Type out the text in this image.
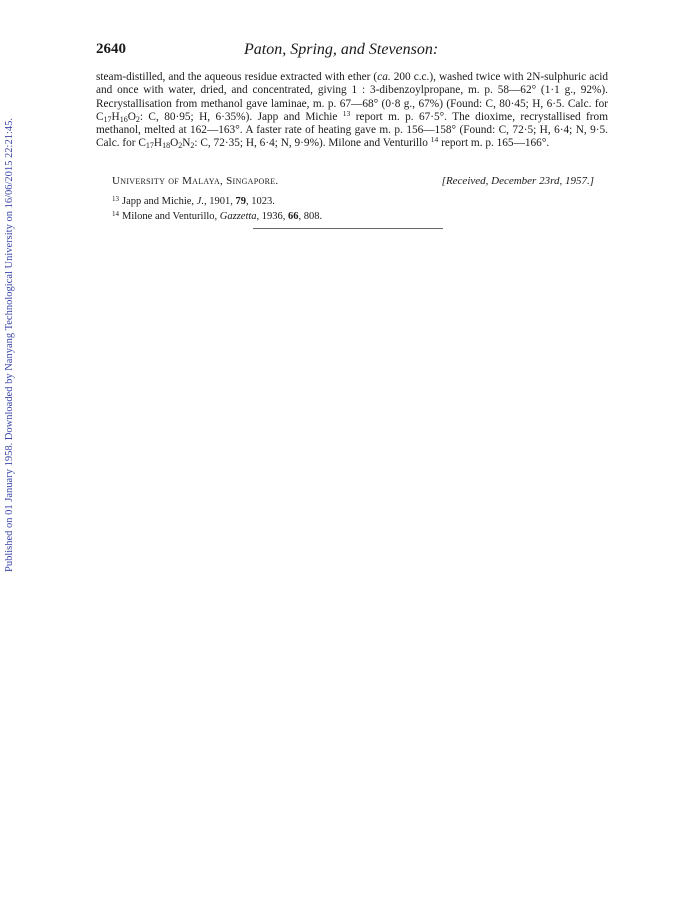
Published on 01 January 1958. Downloaded by Nanyang Technological University on 16/06/2015 22:21:45.
2640	Paton, Spring, and Stevenson:

steam-distilled, and the aqueous residue extracted with ether (ca. 200 c.c.), washed twice with 2N-sulphuric acid and once with water, dried, and concentrated, giving 1 : 3-dibenzoylpropane, m. p. 58—62° (1·1 g., 92%). Recrystallisation from methanol gave laminae, m. p. 67—68° (0·8 g., 67%) (Found: C, 80·45; H, 6·5. Calc. for $C_{17}H_{16}O_2$: C, 80·95; H, 6·35%). Japp and Michie $^{13}$ report m. p. 67·5°. The dioxime, recrystallised from methanol, melted at 162—163°. A faster rate of heating gave m. p. 156—158° (Found: C, 72·5; H, 6·4; N, 9·5. Calc. for $C_{17}H_{18}O_2N_2$: C, 72·35; H, 6·4; N, 9·9%). Milone and Venturillo $^{14}$ report m. p. 165—166°.

University of Malaya, Singapore.	[Received, December 23rd, 1957.]
$^{13}$ Japp and Michie, J., 1901, 79, 1023.
$^{14}$ Milone and Venturillo, Gazzetta, 1936, 66, 808.
